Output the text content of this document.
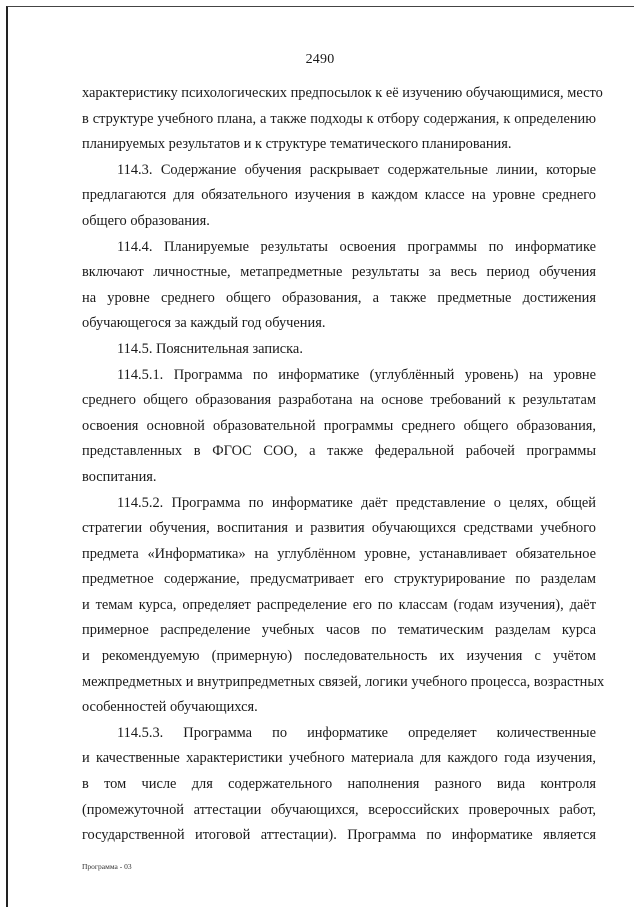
2490
характеристику психологических предпосылок к её изучению обучающимися, место
в структуре учебного плана, а также подходы к отбору содержания, к определению
планируемых результатов и к структуре тематического планирования.
114.3. Содержание обучения раскрывает содержательные линии, которые
предлагаются для обязательного изучения в каждом классе на уровне среднего
общего образования.
114.4. Планируемые результаты освоения программы по информатике
включают личностные, метапредметные результаты за весь период обучения
на уровне среднего общего образования, а также предметные достижения
обучающегося за каждый год обучения.
114.5. Пояснительная записка.
114.5.1. Программа по информатике (углублённый уровень) на уровне
среднего общего образования разработана на основе требований к результатам
освоения основной образовательной программы среднего общего образования,
представленных в ФГОС СОО, а также федеральной рабочей программы
воспитания.
114.5.2. Программа по информатике даёт представление о целях, общей
стратегии обучения, воспитания и развития обучающихся средствами учебного
предмета «Информатика» на углублённом уровне, устанавливает обязательное
предметное содержание, предусматривает его структурирование по разделам
и темам курса, определяет распределение его по классам (годам изучения), даёт
примерное распределение учебных часов по тематическим разделам курса
и рекомендуемую (примерную) последовательность их изучения с учётом
межпредметных и внутрипредметных связей, логики учебного процесса, возрастных
особенностей обучающихся.
114.5.3. Программа по информатике определяет количественные
и качественные характеристики учебного материала для каждого года изучения,
в том числе для содержательного наполнения разного вида контроля
(промежуточной аттестации обучающихся, всероссийских проверочных работ,
государственной итоговой аттестации). Программа по информатике является
Программа - 03
